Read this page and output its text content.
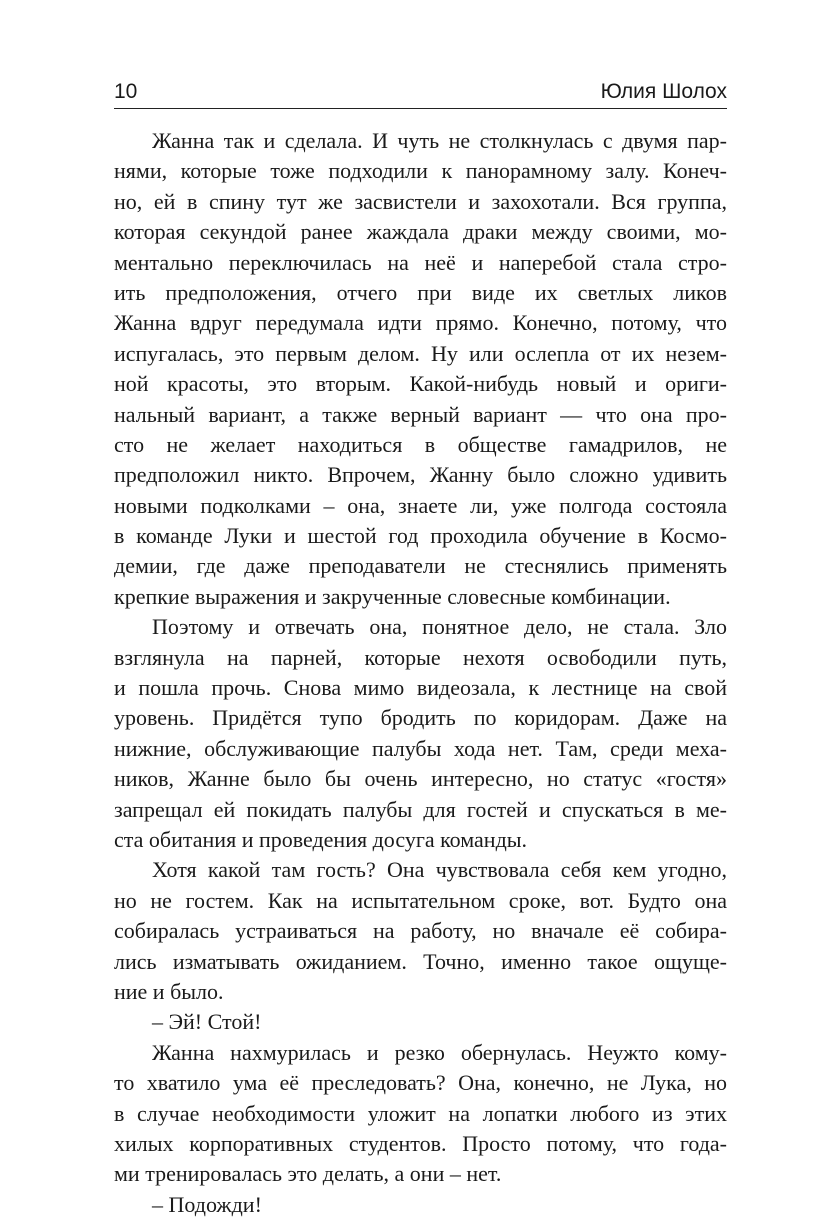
10	Юлия Шолох
Жанна так и сделала. И чуть не столкнулась с двумя пар-
нями, которые тоже подходили к панорамному залу. Конеч-
но, ей в спину тут же засвистели и захохотали. Вся группа,
которая секундой ранее жаждала драки между своими, мо-
ментально переключилась на неё и наперебой стала стро-
ить предположения, отчего при виде их светлых ликов
Жанна вдруг передумала идти прямо. Конечно, потому, что
испугалась, это первым делом. Ну или ослепла от их незем-
ной красоты, это вторым. Какой-нибудь новый и ориги-
нальный вариант, а также верный вариант — что она про-
сто не желает находиться в обществе гамадрилов, не
предположил никто. Впрочем, Жанну было сложно удивить
новыми подколками – она, знаете ли, уже полгода состояла
в команде Луки и шестой год проходила обучение в Космо-
демии, где даже преподаватели не стеснялись применять
крепкие выражения и закрученные словесные комбинации.
Поэтому и отвечать она, понятное дело, не стала. Зло
взглянула на парней, которые нехотя освободили путь,
и пошла прочь. Снова мимо видеозала, к лестнице на свой
уровень. Придётся тупо бродить по коридорам. Даже на
нижние, обслуживающие палубы хода нет. Там, среди меха-
ников, Жанне было бы очень интересно, но статус «гостя»
запрещал ей покидать палубы для гостей и спускаться в ме-
ста обитания и проведения досуга команды.
Хотя какой там гость? Она чувствовала себя кем угодно,
но не гостем. Как на испытательном сроке, вот. Будто она
собиралась устраиваться на работу, но вначале её собира-
лись изматывать ожиданием. Точно, именно такое ощуще-
ние и было.
– Эй! Стой!
Жанна нахмурилась и резко обернулась. Неужто кому-
то хватило ума её преследовать? Она, конечно, не Лука, но
в случае необходимости уложит на лопатки любого из этих
хилых корпоративных студентов. Просто потому, что года-
ми тренировалась это делать, а они – нет.
– Подожди!
